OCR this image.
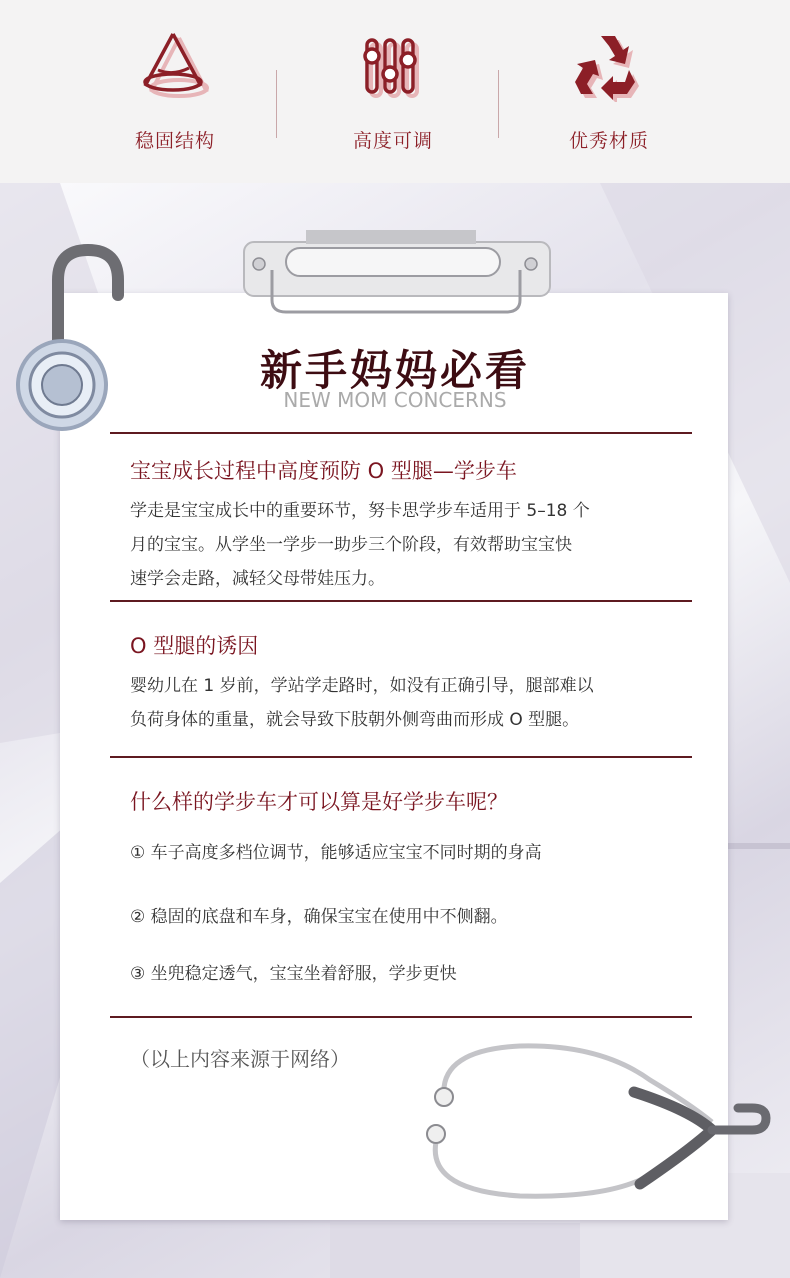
稳固结构	高度可调	优秀材质
新手妈妈必看
NEW MOM CONCERNS
宝宝成长过程中高度预防 O 型腿—学步车
学走是宝宝成长中的重要环节，努卡思学步车适用于 5–18 个
月的宝宝。从学坐一学步一助步三个阶段，有效帮助宝宝快
速学会走路，减轻父母带娃压力。
O 型腿的诱因
婴幼儿在 1 岁前，学站学走路时，如没有正确引导，腿部难以
负荷身体的重量，就会导致下肢朝外侧弯曲而形成 O 型腿。
什么样的学步车才可以算是好学步车呢？
① 车子高度多档位调节，能够适应宝宝不同时期的身高
② 稳固的底盘和车身，确保宝宝在使用中不侧翻。
③ 坐兜稳定透气，宝宝坐着舒服，学步更快
（以上内容来源于网络）
